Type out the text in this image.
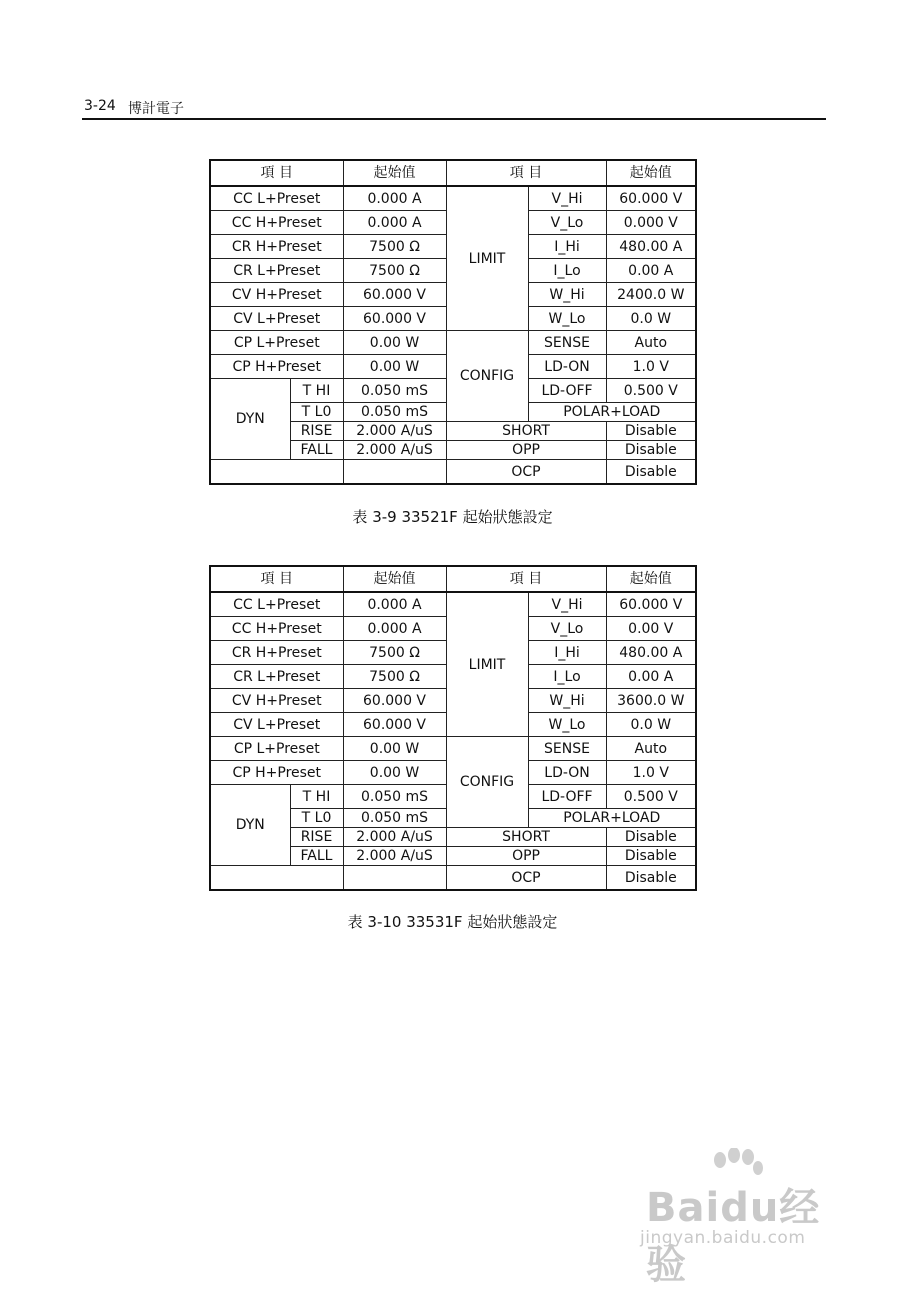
3-24 博計電子
項 目		起始值	項 目		起始值
CC L+Preset		0.000 A	LIMIT	V_Hi	60.000 V
CC H+Preset		0.000 A		V_Lo	0.000 V
CR H+Preset		7500 Ω		I_Hi	480.00 A
CR L+Preset		7500 Ω		I_Lo	0.00 A
CV H+Preset		60.000 V		W_Hi	2400.0 W
CV L+Preset		60.000 V		W_Lo	0.0 W
CP L+Preset		0.00 W	CONFIG	SENSE	Auto
CP H+Preset		0.00 W		LD-ON	1.0 V
DYN	T HI	0.050 mS		LD-OFF	0.500 V
	T L0	0.050 mS		POLAR+LOAD	
	RISE	2.000 A/uS	SHORT		Disable
	FALL	2.000 A/uS	OPP		Disable
			OCP		Disable
表 3-9 33521F 起始狀態設定
項 目		起始值	項 目		起始值
CC L+Preset		0.000 A	LIMIT	V_Hi	60.000 V
CC H+Preset		0.000 A		V_Lo	0.00 V
CR H+Preset		7500 Ω		I_Hi	480.00 A
CR L+Preset		7500 Ω		I_Lo	0.00 A
CV H+Preset		60.000 V		W_Hi	3600.0 W
CV L+Preset		60.000 V		W_Lo	0.0 W
CP L+Preset		0.00 W	CONFIG	SENSE	Auto
CP H+Preset		0.00 W		LD-ON	1.0 V
DYN	T HI	0.050 mS		LD-OFF	0.500 V
	T L0	0.050 mS		POLAR+LOAD	
	RISE	2.000 A/uS	SHORT		Disable
	FALL	2.000 A/uS	OPP		Disable
			OCP		Disable
表 3-10 33531F 起始狀態設定
Baidu经验
jingyan.baidu.com
